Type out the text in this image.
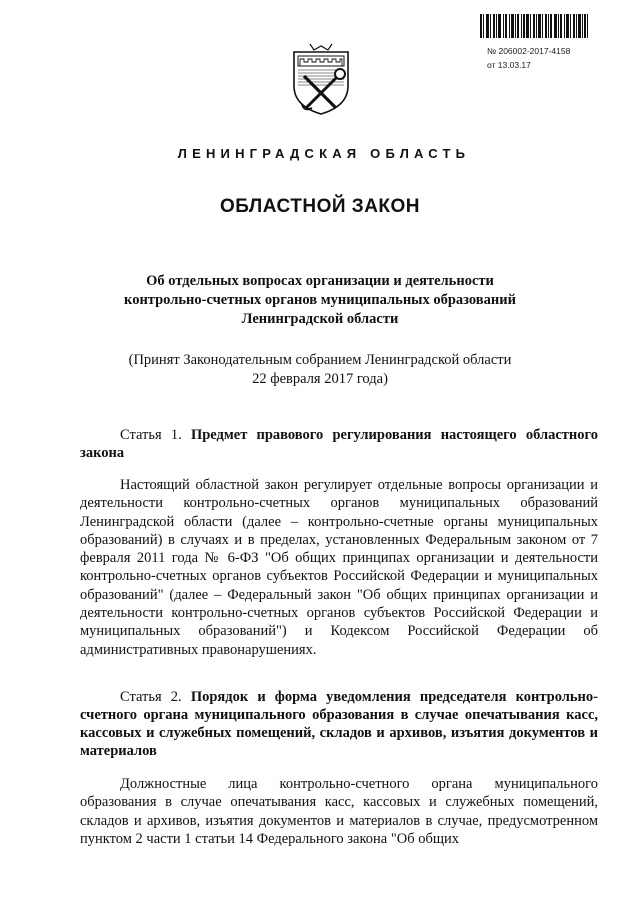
№ 206002-2017-4158
от 13.03.17
ЛЕНИНГРАДСКАЯ ОБЛАСТЬ
ОБЛАСТНОЙ ЗАКОН
Об отдельных вопросах организации и деятельности
контрольно-счетных органов муниципальных образований
Ленинградской области
(Принят Законодательным собранием Ленинградской области
22 февраля 2017 года)
Статья 1. Предмет правового регулирования настоящего областного закона

Настоящий областной закон регулирует отдельные вопросы организации и деятельности контрольно-счетных органов муниципальных образований Ленинградской области (далее – контрольно-счетные органы муниципальных образований) в случаях и в пределах, установленных Федеральным законом от 7 февраля 2011 года № 6-ФЗ "Об общих принципах организации и деятельности контрольно-счетных органов субъектов Российской Федерации и муниципальных образований" (далее – Федеральный закон "Об общих принципах организации и деятельности контрольно-счетных органов субъектов Российской Федерации и муниципальных образований") и Кодексом Российской Федерации об административных правонарушениях.

Статья 2. Порядок и форма уведомления председателя контрольно-счетного органа муниципального образования в случае опечатывания касс, кассовых и служебных помещений, складов и архивов, изъятия документов и материалов

Должностные лица контрольно-счетного органа муниципального образования в случае опечатывания касс, кассовых и служебных помещений, складов и архивов, изъятия документов и материалов в случае, предусмотренном пунктом 2 части 1 статьи 14 Федерального закона "Об общих
